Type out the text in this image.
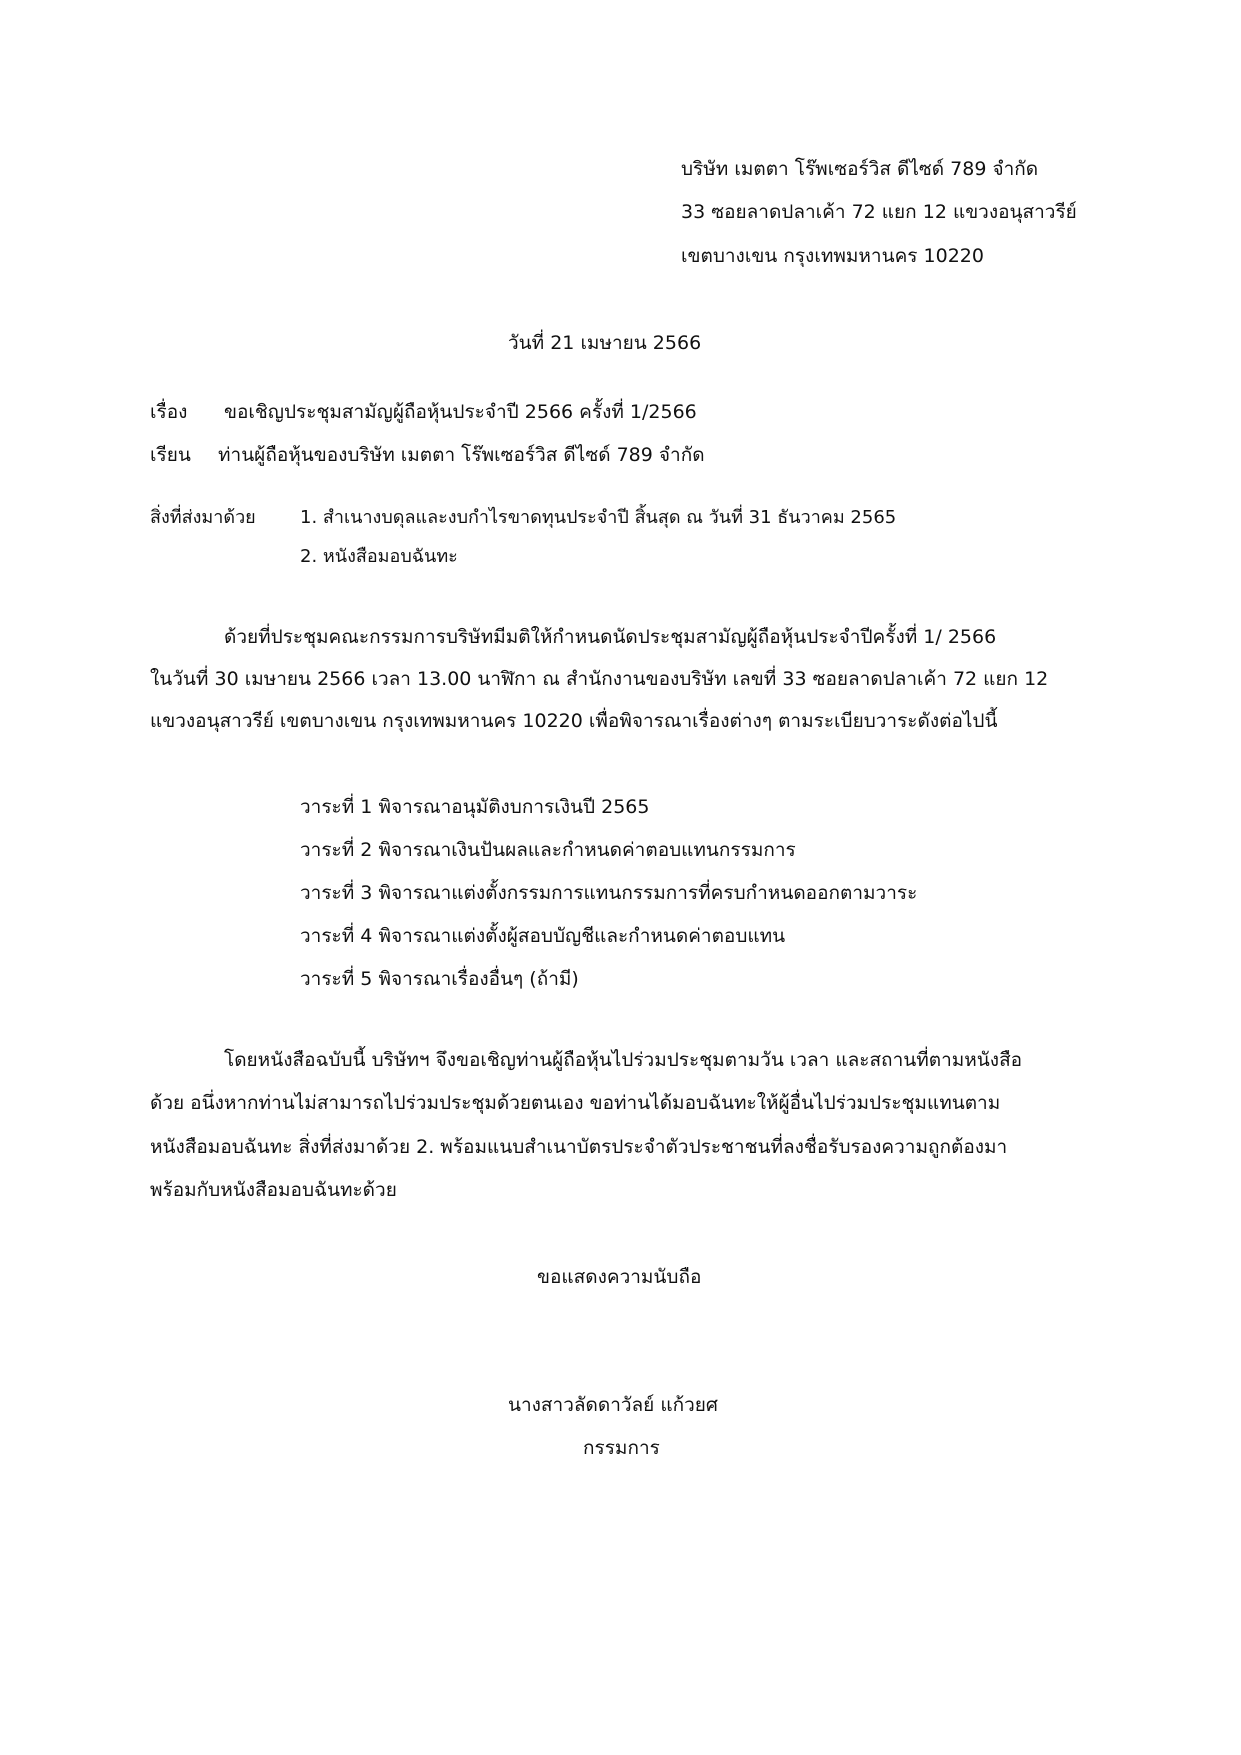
บริษัท เมตตา โร๊พเซอร์วิส ดีไซด์ 789 จำกัด
33 ซอยลาดปลาเค้า 72 แยก 12 แขวงอนุสาวรีย์
เขตบางเขน กรุงเทพมหานคร 10220
วันที่ 21 เมษายน 2566
เรื่อง ขอเชิญประชุมสามัญผู้ถือหุ้นประจำปี 2566 ครั้งที่ 1/2566
เรียน ท่านผู้ถือหุ้นของบริษัท เมตตา โร๊พเซอร์วิส ดีไซด์ 789 จำกัด
สิ่งที่ส่งมาด้วย 1. สำเนางบดุลและงบกำไรขาดทุนประจำปี สิ้นสุด ณ วันที่ 31 ธันวาคม 2565
2. หนังสือมอบฉันทะ
ด้วยที่ประชุมคณะกรรมการบริษัทมีมติให้กำหนดนัดประชุมสามัญผู้ถือหุ้นประจำปีครั้งที่ 1/ 2566
ในวันที่ 30 เมษายน 2566 เวลา 13.00 นาฬิกา ณ สำนักงานของบริษัท เลขที่ 33 ซอยลาดปลาเค้า 72 แยก 12
แขวงอนุสาวรีย์ เขตบางเขน กรุงเทพมหานคร 10220 เพื่อพิจารณาเรื่องต่างๆ ตามระเบียบวาระดังต่อไปนี้
วาระที่ 1 พิจารณาอนุมัติงบการเงินปี 2565
วาระที่ 2 พิจารณาเงินปันผลและกำหนดค่าตอบแทนกรรมการ
วาระที่ 3 พิจารณาแต่งตั้งกรรมการแทนกรรมการที่ครบกำหนดออกตามวาระ
วาระที่ 4 พิจารณาแต่งตั้งผู้สอบบัญชีและกำหนดค่าตอบแทน
วาระที่ 5 พิจารณาเรื่องอื่นๆ (ถ้ามี)
โดยหนังสือฉบับนี้ บริษัทฯ จึงขอเชิญท่านผู้ถือหุ้นไปร่วมประชุมตามวัน เวลา และสถานที่ตามหนังสือ
ด้วย อนึ่งหากท่านไม่สามารถไปร่วมประชุมด้วยตนเอง ขอท่านได้มอบฉันทะให้ผู้อื่นไปร่วมประชุมแทนตาม
หนังสือมอบฉันทะ สิ่งที่ส่งมาด้วย 2. พร้อมแนบสำเนาบัตรประจำตัวประชาชนที่ลงชื่อรับรองความถูกต้องมา
พร้อมกับหนังสือมอบฉันทะด้วย
ขอแสดงความนับถือ
นางสาวลัดดาวัลย์ แก้วยศ
กรรมการ
